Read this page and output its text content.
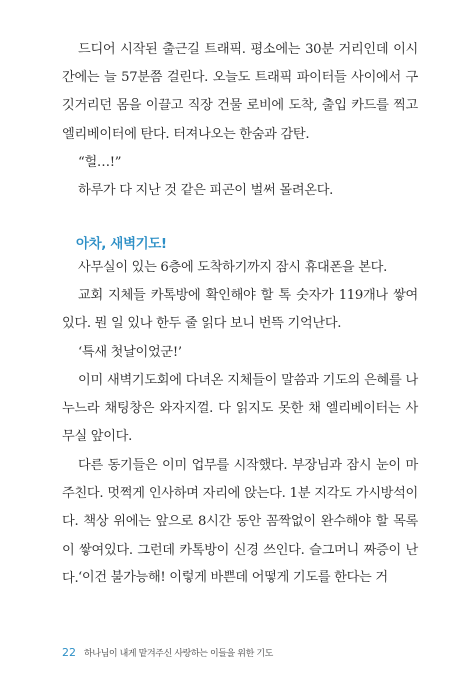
드디어 시작된 출근길 트래픽. 평소에는 30분 거리인데 이시간에는 늘 57분쯤 걸린다. 오늘도 트래픽 파이터들 사이에서 구깃거리던 몸을 이끌고 직장 건물 로비에 도착, 출입 카드를 찍고 엘리베이터에 탄다. 터져나오는 한숨과 감탄.

“헐…!”

하루가 다 지난 것 같은 피곤이 벌써 몰려온다.

아차, 새벽기도!

사무실이 있는 6층에 도착하기까지 잠시 휴대폰을 본다.

교회 지체들 카톡방에 확인해야 할 톡 숫자가 119개나 쌓여있다. 뭔 일 있나 한두 줄 읽다 보니 번뜩 기억난다.

‘특새 첫날이었군!’

이미 새벽기도회에 다녀온 지체들이 말씀과 기도의 은혜를 나누느라 채팅창은 와자지껄. 다 읽지도 못한 채 엘리베이터는 사무실 앞이다.

다른 동기들은 이미 업무를 시작했다. 부장님과 잠시 눈이 마주친다. 멋쩍게 인사하며 자리에 앉는다. 1분 지각도 가시방석이다. 책상 위에는 앞으로 8시간 동안 꼼짝없이 완수해야 할 목록이 쌓여있다. 그런데 카톡방이 신경 쓰인다. 슬그머니 짜증이 난다. ‘이건 불가능해! 이렇게 바쁜데 어떻게 기도를 한다는 거

22 하나님이 내게 맡겨주신 사랑하는 이들을 위한 기도
